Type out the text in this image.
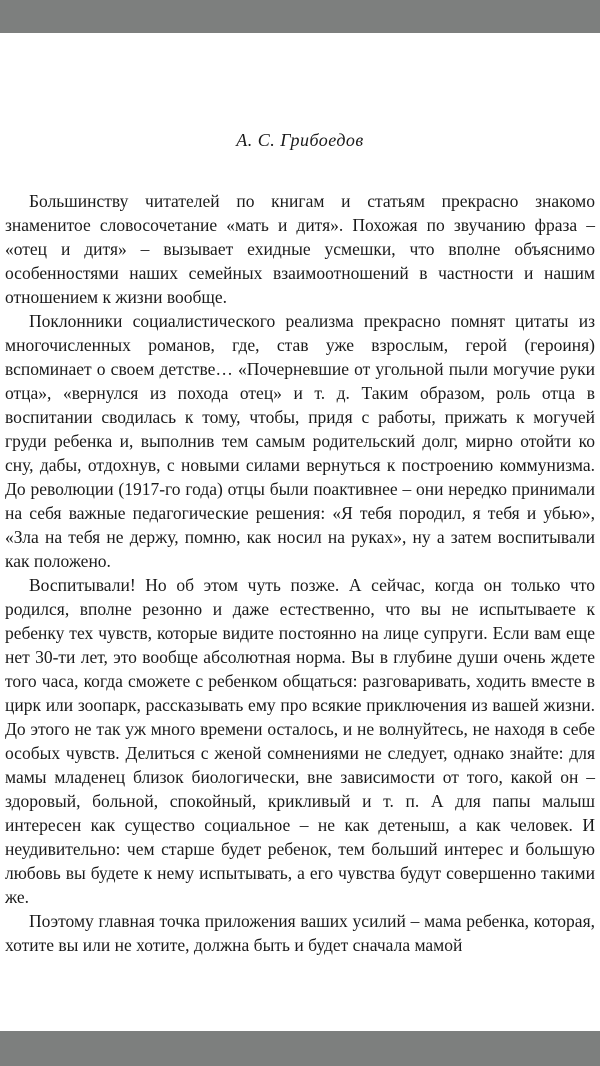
А. С. Грибоедов

Большинству читателей по книгам и статьям прекрасно знакомо знаменитое словосочетание «мать и дитя». Похожая по звучанию фраза – «отец и дитя» – вызывает ехидные усмешки, что вполне объяснимо особенностями наших семейных взаимоотношений в частности и нашим отношением к жизни вообще.

Поклонники социалистического реализма прекрасно помнят цитаты из многочисленных романов, где, став уже взрослым, герой (героиня) вспоминает о своем детстве… «Почерневшие от угольной пыли могучие руки отца», «вернулся из похода отец» и т. д. Таким образом, роль отца в воспитании сводилась к тому, чтобы, придя с работы, прижать к могучей груди ребенка и, выполнив тем самым родительский долг, мирно отойти ко сну, дабы, отдохнув, с новыми силами вернуться к построению коммунизма. До революции (1917-го года) отцы были поактивнее – они нередко принимали на себя важные педагогические решения: «Я тебя породил, я тебя и убью», «Зла на тебя не держу, помню, как носил на руках», ну а затем воспитывали как положено.

Воспитывали! Но об этом чуть позже. А сейчас, когда он только что родился, вполне резонно и даже естественно, что вы не испытываете к ребенку тех чувств, которые видите постоянно на лице супруги. Если вам еще нет 30-ти лет, это вообще абсолютная норма. Вы в глубине души очень ждете того часа, когда сможете с ребенком общаться: разговаривать, ходить вместе в цирк или зоопарк, рассказывать ему про всякие приключения из вашей жизни. До этого не так уж много времени осталось, и не волнуйтесь, не находя в себе особых чувств. Делиться с женой сомнениями не следует, однако знайте: для мамы младенец близок биологически, вне зависимости от того, какой он – здоровый, больной, спокойный, крикливый и т. п. А для папы малыш интересен как существо социальное – не как детеныш, а как человек. И неудивительно: чем старше будет ребенок, тем больший интерес и большую любовь вы будете к нему испытывать, а его чувства будут совершенно такими же.

Поэтому главная точка приложения ваших усилий – мама ребенка, которая, хотите вы или не хотите, должна быть и будет сначала мамой
